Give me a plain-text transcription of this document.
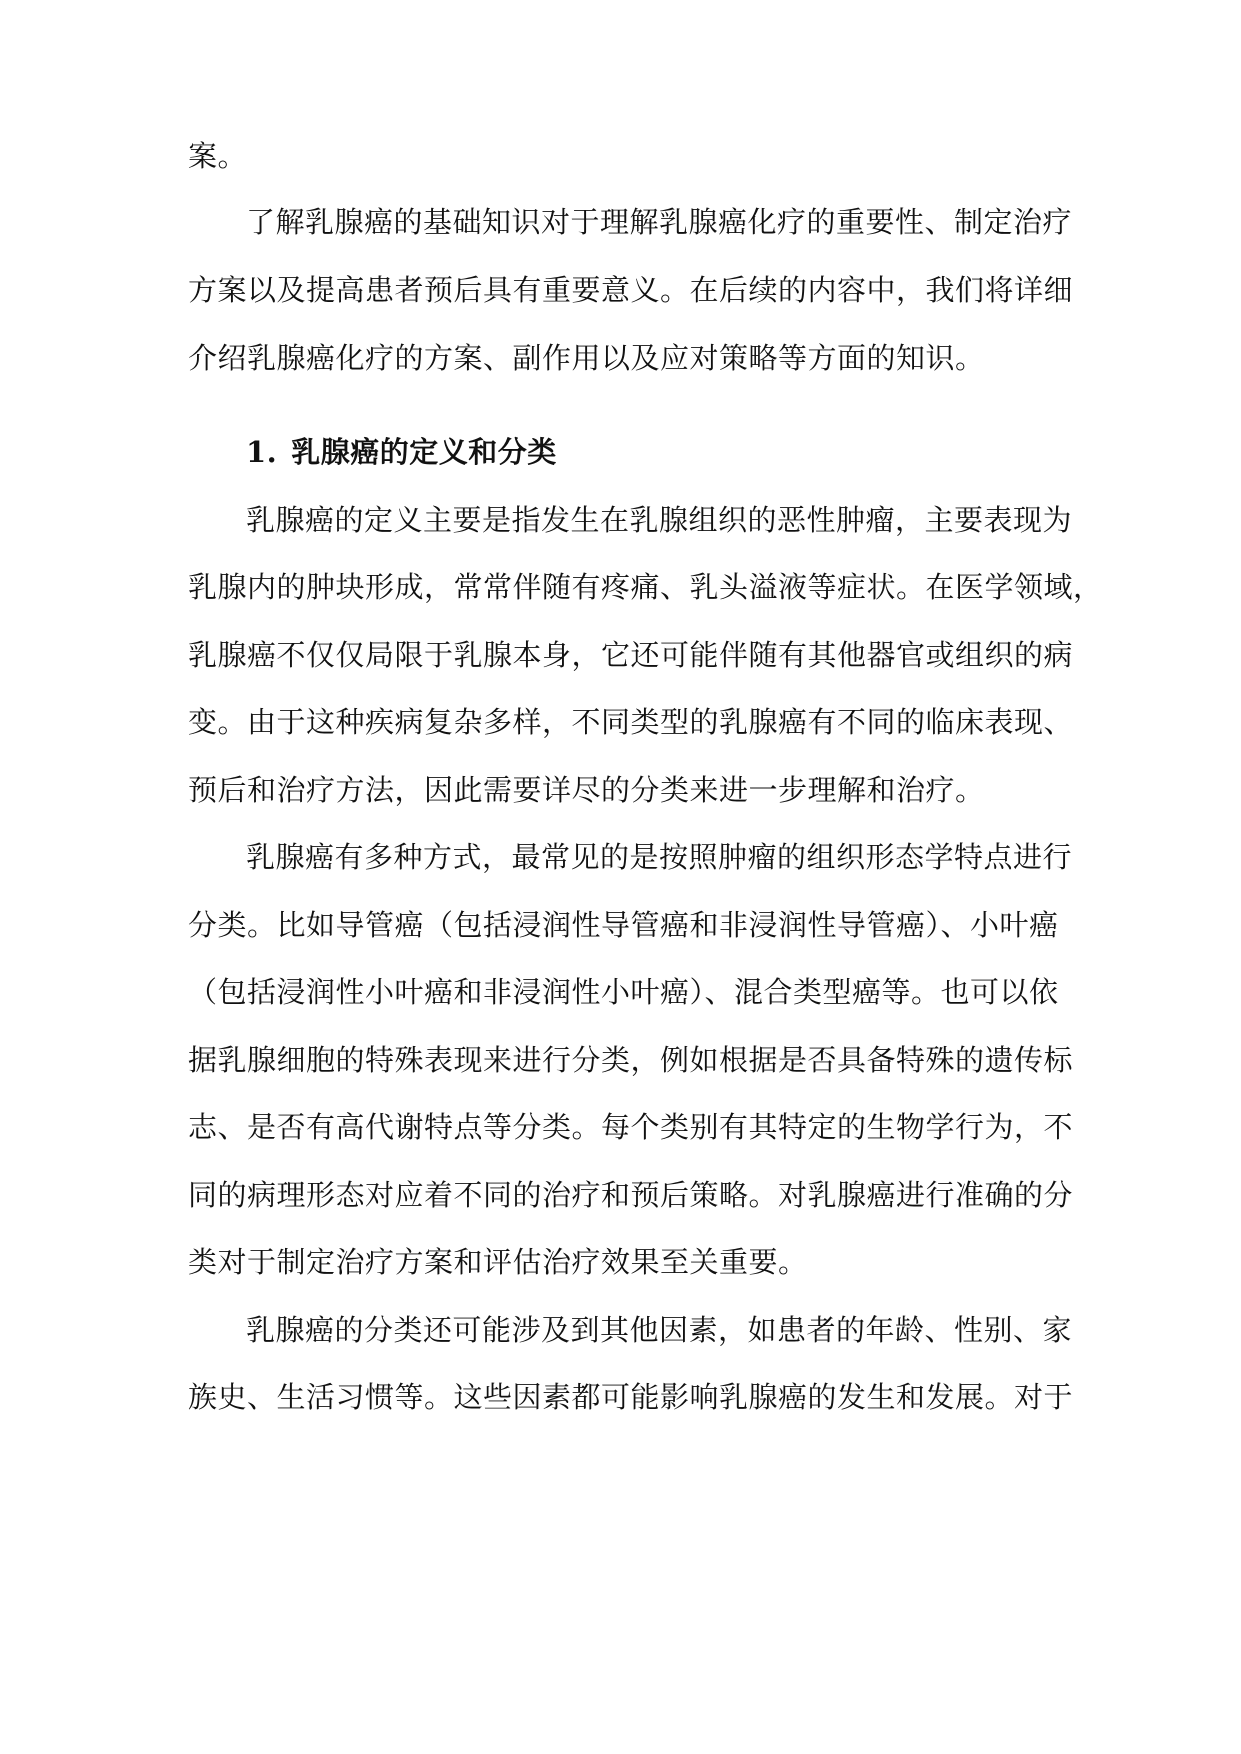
案。
了解乳腺癌的基础知识对于理解乳腺癌化疗的重要性、制定治疗
方案以及提高患者预后具有重要意义。在后续的内容中，我们将详细
介绍乳腺癌化疗的方案、副作用以及应对策略等方面的知识。
1. 乳腺癌的定义和分类
乳腺癌的定义主要是指发生在乳腺组织的恶性肿瘤，主要表现为
乳腺内的肿块形成，常常伴随有疼痛、乳头溢液等症状。在医学领域，
乳腺癌不仅仅局限于乳腺本身，它还可能伴随有其他器官或组织的病
变。由于这种疾病复杂多样，不同类型的乳腺癌有不同的临床表现、
预后和治疗方法，因此需要详尽的分类来进一步理解和治疗。
乳腺癌有多种方式，最常见的是按照肿瘤的组织形态学特点进行
分类。比如导管癌（包括浸润性导管癌和非浸润性导管癌）、小叶癌
（包括浸润性小叶癌和非浸润性小叶癌）、混合类型癌等。也可以依
据乳腺细胞的特殊表现来进行分类，例如根据是否具备特殊的遗传标
志、是否有高代谢特点等分类。每个类别有其特定的生物学行为，不
同的病理形态对应着不同的治疗和预后策略。对乳腺癌进行准确的分
类对于制定治疗方案和评估治疗效果至关重要。
乳腺癌的分类还可能涉及到其他因素，如患者的年龄、性别、家
族史、生活习惯等。这些因素都可能影响乳腺癌的发生和发展。对于
